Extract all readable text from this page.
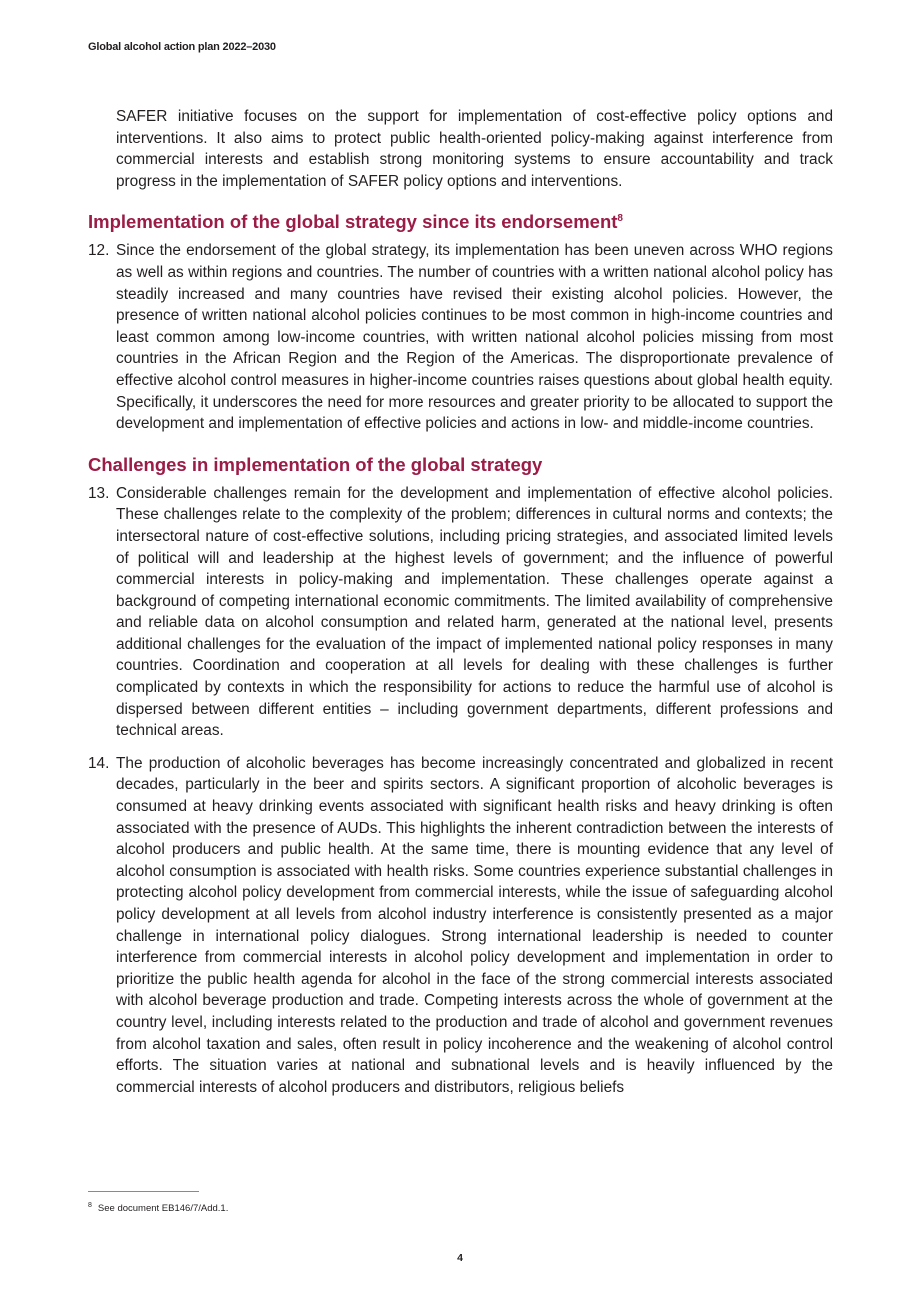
Global alcohol action plan 2022–2030

SAFER initiative focuses on the support for implementation of cost-effective policy options and interventions. It also aims to protect public health-oriented policy-making against interference from commercial interests and establish strong monitoring systems to ensure accountability and track progress in the implementation of SAFER policy options and interventions.

Implementation of the global strategy since its endorsement$^8$
12. Since the endorsement of the global strategy, its implementation has been uneven across WHO regions as well as within regions and countries. The number of countries with a written national alcohol policy has steadily increased and many countries have revised their existing alcohol policies. However, the presence of written national alcohol policies continues to be most common in high-income countries and least common among low-income countries, with written national alcohol policies missing from most countries in the African Region and the Region of the Americas. The disproportionate prevalence of effective alcohol control measures in higher-income countries raises questions about global health equity. Specifically, it underscores the need for more resources and greater priority to be allocated to support the development and implementation of effective policies and actions in low- and middle-income countries.

Challenges in implementation of the global strategy
13. Considerable challenges remain for the development and implementation of effective alcohol policies. These challenges relate to the complexity of the problem; differences in cultural norms and contexts; the intersectoral nature of cost-effective solutions, including pricing strategies, and associated limited levels of political will and leadership at the highest levels of government; and the influence of powerful commercial interests in policy-making and implementation. These challenges operate against a background of competing international economic commitments. The limited availability of comprehensive and reliable data on alcohol consumption and related harm, generated at the national level, presents additional challenges for the evaluation of the impact of implemented national policy responses in many countries. Coordination and cooperation at all levels for dealing with these challenges is further complicated by contexts in which the responsibility for actions to reduce the harmful use of alcohol is dispersed between different entities – including government departments, different professions and technical areas.

14. The production of alcoholic beverages has become increasingly concentrated and globalized in recent decades, particularly in the beer and spirits sectors. A significant proportion of alcoholic beverages is consumed at heavy drinking events associated with significant health risks and heavy drinking is often associated with the presence of AUDs. This highlights the inherent contradiction between the interests of alcohol producers and public health. At the same time, there is mounting evidence that any level of alcohol consumption is associated with health risks. Some countries experience substantial challenges in protecting alcohol policy development from commercial interests, while the issue of safeguarding alcohol policy development at all levels from alcohol industry interference is consistently presented as a major challenge in international policy dialogues. Strong international leadership is needed to counter interference from commercial interests in alcohol policy development and implementation in order to prioritize the public health agenda for alcohol in the face of the strong commercial interests associated with alcohol beverage production and trade. Competing interests across the whole of government at the country level, including interests related to the production and trade of alcohol and government revenues from alcohol taxation and sales, often result in policy incoherence and the weakening of alcohol control efforts. The situation varies at national and subnational levels and is heavily influenced by the commercial interests of alcohol producers and distributors, religious beliefs

$^8$ See document EB146/7/Add.1.
4
